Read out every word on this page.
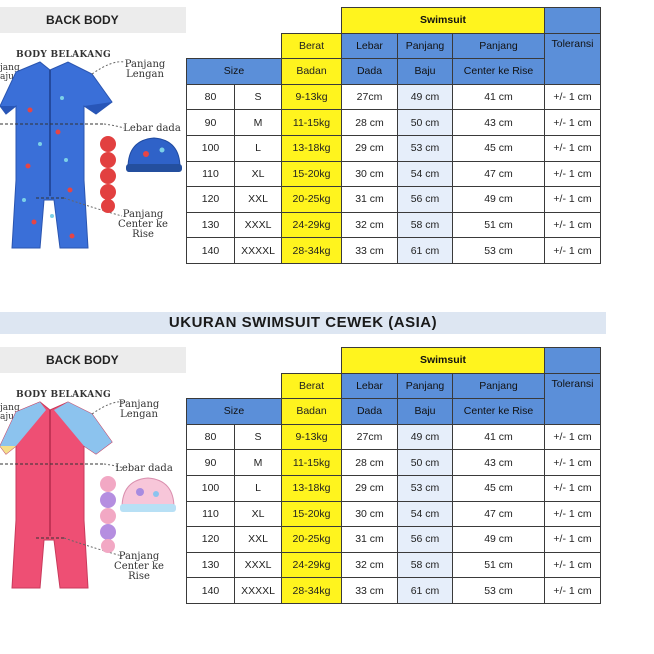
BACK BODY
BODY BELAKANG
jang
aju
Panjang
Lengan
Lebar dada
Panjang
Center ke
Rise
			Swimsuit			
		Berat	Lebar	Panjang	Panjang	Toleransi
Size		Badan	Dada	Baju	Center ke Rise	
80	S	9-13kg	27cm	49 cm	41 cm	+/- 1 cm
90	M	11-15kg	28 cm	50 cm	43 cm	+/- 1 cm
100	L	13-18kg	29 cm	53 cm	45 cm	+/- 1 cm
110	XL	15-20kg	30 cm	54 cm	47 cm	+/- 1 cm
120	XXL	20-25kg	31 cm	56 cm	49 cm	+/- 1 cm
130	XXXL	24-29kg	32 cm	58 cm	51 cm	+/- 1 cm
140	XXXXL	28-34kg	33 cm	61 cm	53 cm	+/- 1 cm
UKURAN SWIMSUIT CEWEK (ASIA)
BACK BODY
BODY BELAKANG
jang
aju
Panjang
Lengan
Lebar dada
Panjang
Center ke
Rise
			Swimsuit			
		Berat	Lebar	Panjang	Panjang	Toleransi
Size		Badan	Dada	Baju	Center ke Rise	
80	S	9-13kg	27cm	49 cm	41 cm	+/- 1 cm
90	M	11-15kg	28 cm	50 cm	43 cm	+/- 1 cm
100	L	13-18kg	29 cm	53 cm	45 cm	+/- 1 cm
110	XL	15-20kg	30 cm	54 cm	47 cm	+/- 1 cm
120	XXL	20-25kg	31 cm	56 cm	49 cm	+/- 1 cm
130	XXXL	24-29kg	32 cm	58 cm	51 cm	+/- 1 cm
140	XXXXL	28-34kg	33 cm	61 cm	53 cm	+/- 1 cm
